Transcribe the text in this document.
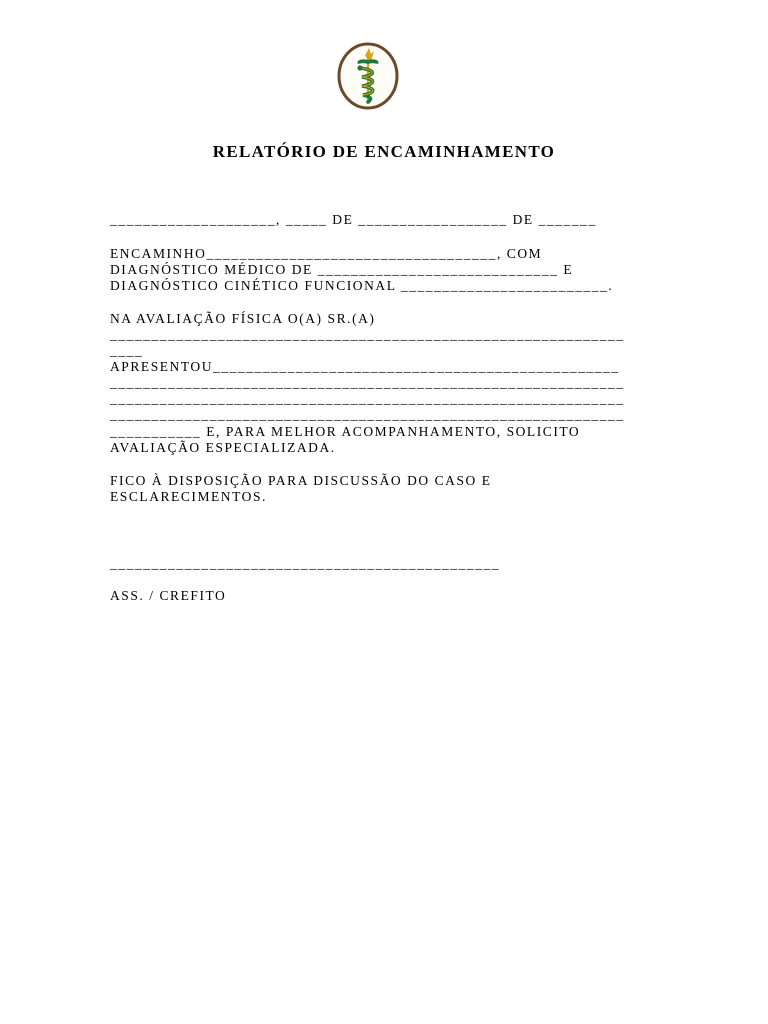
RELATÓRIO DE ENCAMINHAMENTO

____________________, _____ DE __________________ DE _______

ENCAMINHO___________________________________, COM

DIAGNÓSTICO MÉDICO DE _____________________________ E

DIAGNÓSTICO CINÉTICO FUNCIONAL _________________________.

NA AVALIAÇÃO FÍSICA O(A) SR.(A)

______________________________________________________________

____

APRESENTOU_________________________________________________

______________________________________________________________

______________________________________________________________

______________________________________________________________

___________ E, PARA MELHOR ACOMPANHAMENTO, SOLICITO

AVALIAÇÃO ESPECIALIZADA.

FICO À DISPOSIÇÃO PARA DISCUSSÃO DO CASO E

ESCLARECIMENTOS.

_______________________________________________

ASS. / CREFITO
